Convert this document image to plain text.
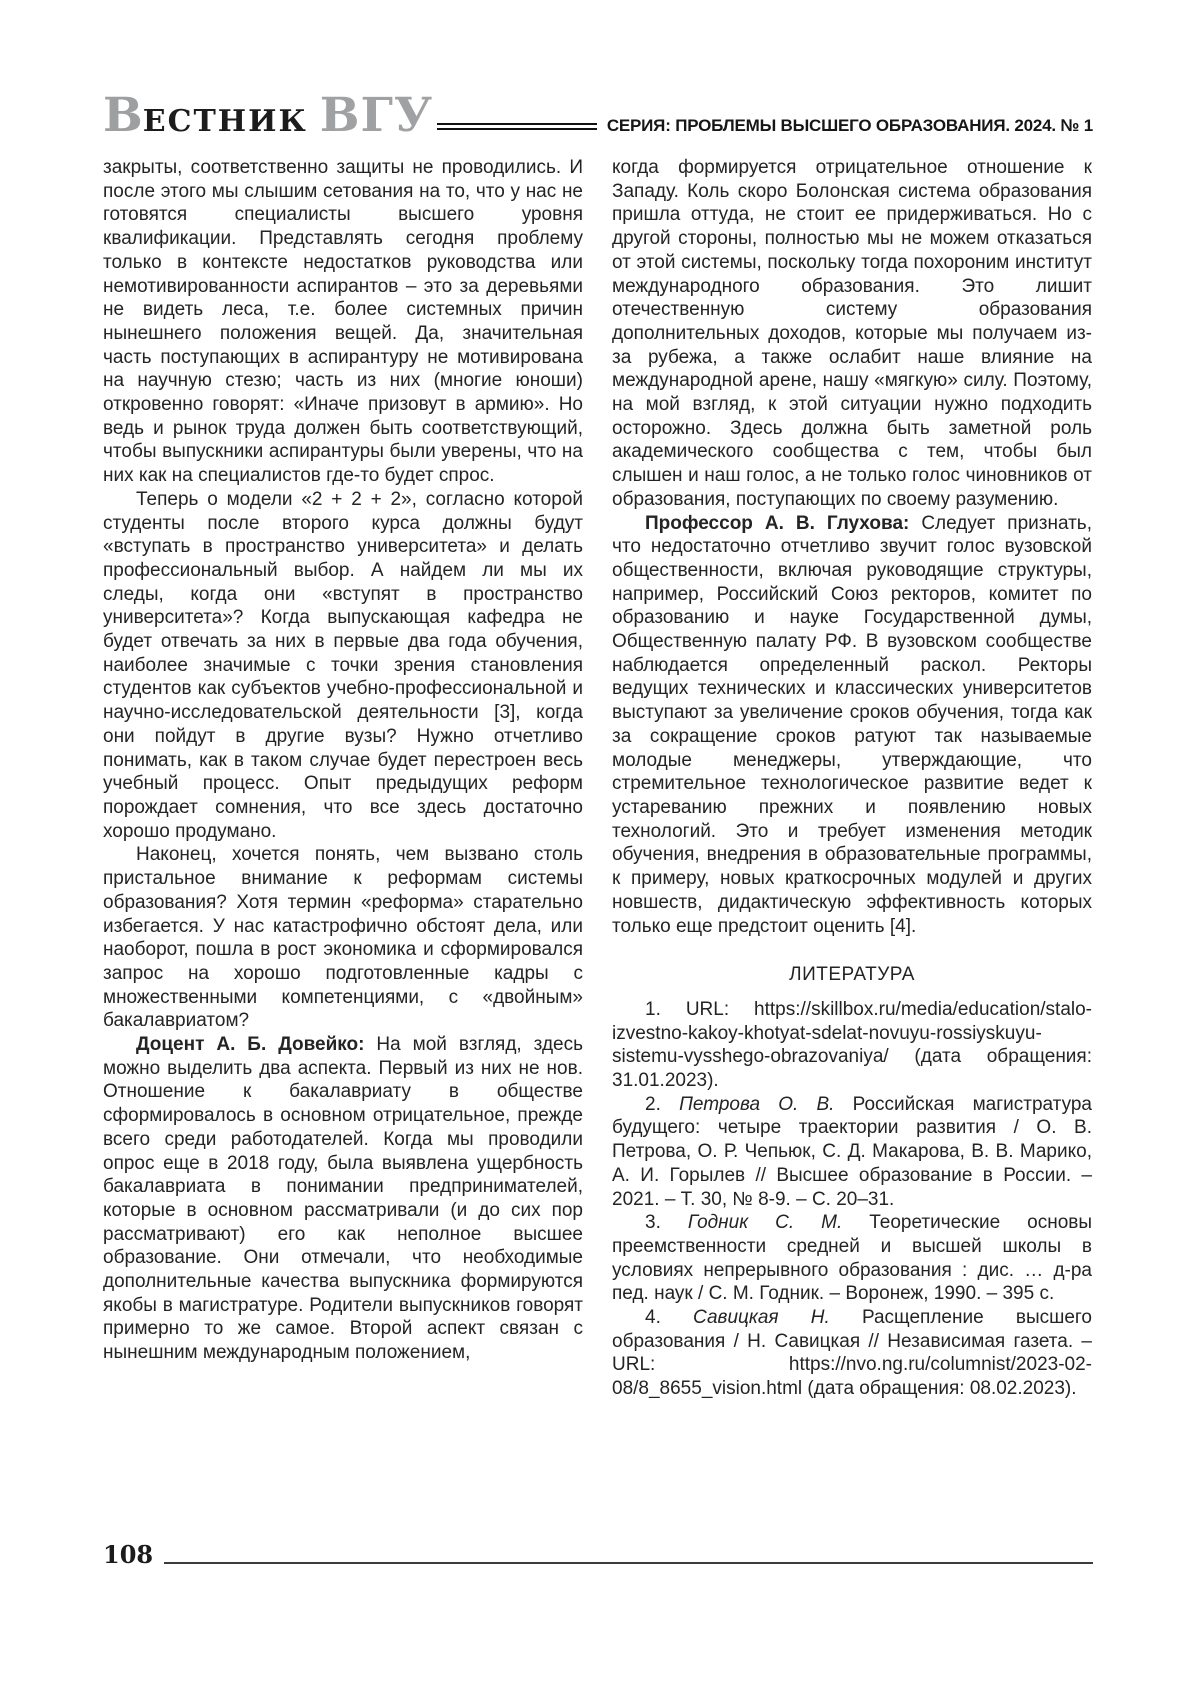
ВЕСТНИК ВГУ	СЕРИЯ: ПРОБЛЕМЫ ВЫСШЕГО ОБРАЗОВАНИЯ. 2024. № 1

закрыты, соответственно защиты не проводились. И после этого мы слышим сетования на то, что у нас не готовятся специалисты высшего уровня квалификации. Представлять сегодня проблему только в контексте недостатков руководства или немотивированности аспирантов – это за деревьями не видеть леса, т.е. более системных причин нынешнего положения вещей. Да, значительная часть поступающих в аспирантуру не мотивирована на научную стезю; часть из них (многие юноши) откровенно говорят: «Иначе призовут в армию». Но ведь и рынок труда должен быть соответствующий, чтобы выпускники аспирантуры были уверены, что на них как на специалистов где-то будет спрос.

Теперь о модели «2 + 2 + 2», согласно которой студенты после второго курса должны будут «вступать в пространство университета» и делать профессиональный выбор. А найдем ли мы их следы, когда они «вступят в пространство университета»? Когда выпускающая кафедра не будет отвечать за них в первые два года обучения, наиболее значимые с точки зрения становления студентов как субъектов учебно-профессиональной и научно-исследовательской деятельности [3], когда они пойдут в другие вузы? Нужно отчетливо понимать, как в таком случае будет перестроен весь учебный процесс. Опыт предыдущих реформ порождает сомнения, что все здесь достаточно хорошо продумано.

Наконец, хочется понять, чем вызвано столь пристальное внимание к реформам системы образования? Хотя термин «реформа» старательно избегается. У нас катастрофично обстоят дела, или наоборот, пошла в рост экономика и сформировался запрос на хорошо подготовленные кадры с множественными компетенциями, с «двойным» бакалавриатом?

Доцент А. Б. Довейко: На мой взгляд, здесь можно выделить два аспекта. Первый из них не нов. Отношение к бакалавриату в обществе сформировалось в основном отрицательное, прежде всего среди работодателей. Когда мы проводили опрос еще в 2018 году, была выявлена ущербность бакалавриата в понимании предпринимателей, которые в основном рассматривали (и до сих пор рассматривают) его как неполное высшее образование. Они отмечали, что необходимые дополнительные качества выпускника формируются якобы в магистратуре. Родители выпускников говорят примерно то же самое. Второй аспект связан с нынешним международным положением,

когда формируется отрицательное отношение к Западу. Коль скоро Болонская система образования пришла оттуда, не стоит ее придерживаться. Но с другой стороны, полностью мы не можем отказаться от этой системы, поскольку тогда похороним институт международного образования. Это лишит отечественную систему образования дополнительных доходов, которые мы получаем из-за рубежа, а также ослабит наше влияние на международной арене, нашу «мягкую» силу. Поэтому, на мой взгляд, к этой ситуации нужно подходить осторожно. Здесь должна быть заметной роль академического сообщества с тем, чтобы был слышен и наш голос, а не только голос чиновников от образования, поступающих по своему разумению.

Профессор А. В. Глухова: Следует признать, что недостаточно отчетливо звучит голос вузовской общественности, включая руководящие структуры, например, Российский Союз ректоров, комитет по образованию и науке Государственной думы, Общественную палату РФ. В вузовском сообществе наблюдается определенный раскол. Ректоры ведущих технических и классических университетов выступают за увеличение сроков обучения, тогда как за сокращение сроков ратуют так называемые молодые менеджеры, утверждающие, что стремительное технологическое развитие ведет к устареванию прежних и появлению новых технологий. Это и требует изменения методик обучения, внедрения в образовательные программы, к примеру, новых краткосрочных модулей и других новшеств, дидактическую эффективность которых только еще предстоит оценить [4].

ЛИТЕРАТУРА

1. URL: https://skillbox.ru/media/education/stalo-izvestno-kakoy-khotyat-sdelat-novuyu-rossiyskuyu-sistemu-vysshego-obrazovaniya/ (дата обращения: 31.01.2023).

2. Петрова О. В. Российская магистратура будущего: четыре траектории развития / О. В. Петрова, О. Р. Чепьюк, С. Д. Макарова, В. В. Марико, А. И. Горылев // Высшее образование в России. – 2021. – Т. 30, № 8-9. – С. 20–31.

3. Годник С. М. Теоретические основы преемственности средней и высшей школы в условиях непрерывного образования : дис. … д-ра пед. наук / С. М. Годник. – Воронеж, 1990. – 395 с.

4. Савицкая Н. Расщепление высшего образования / Н. Савицкая // Независимая газета. – URL: https://nvo.ng.ru/columnist/2023-02-08/8_8655_vision.html (дата обращения: 08.02.2023).

108
